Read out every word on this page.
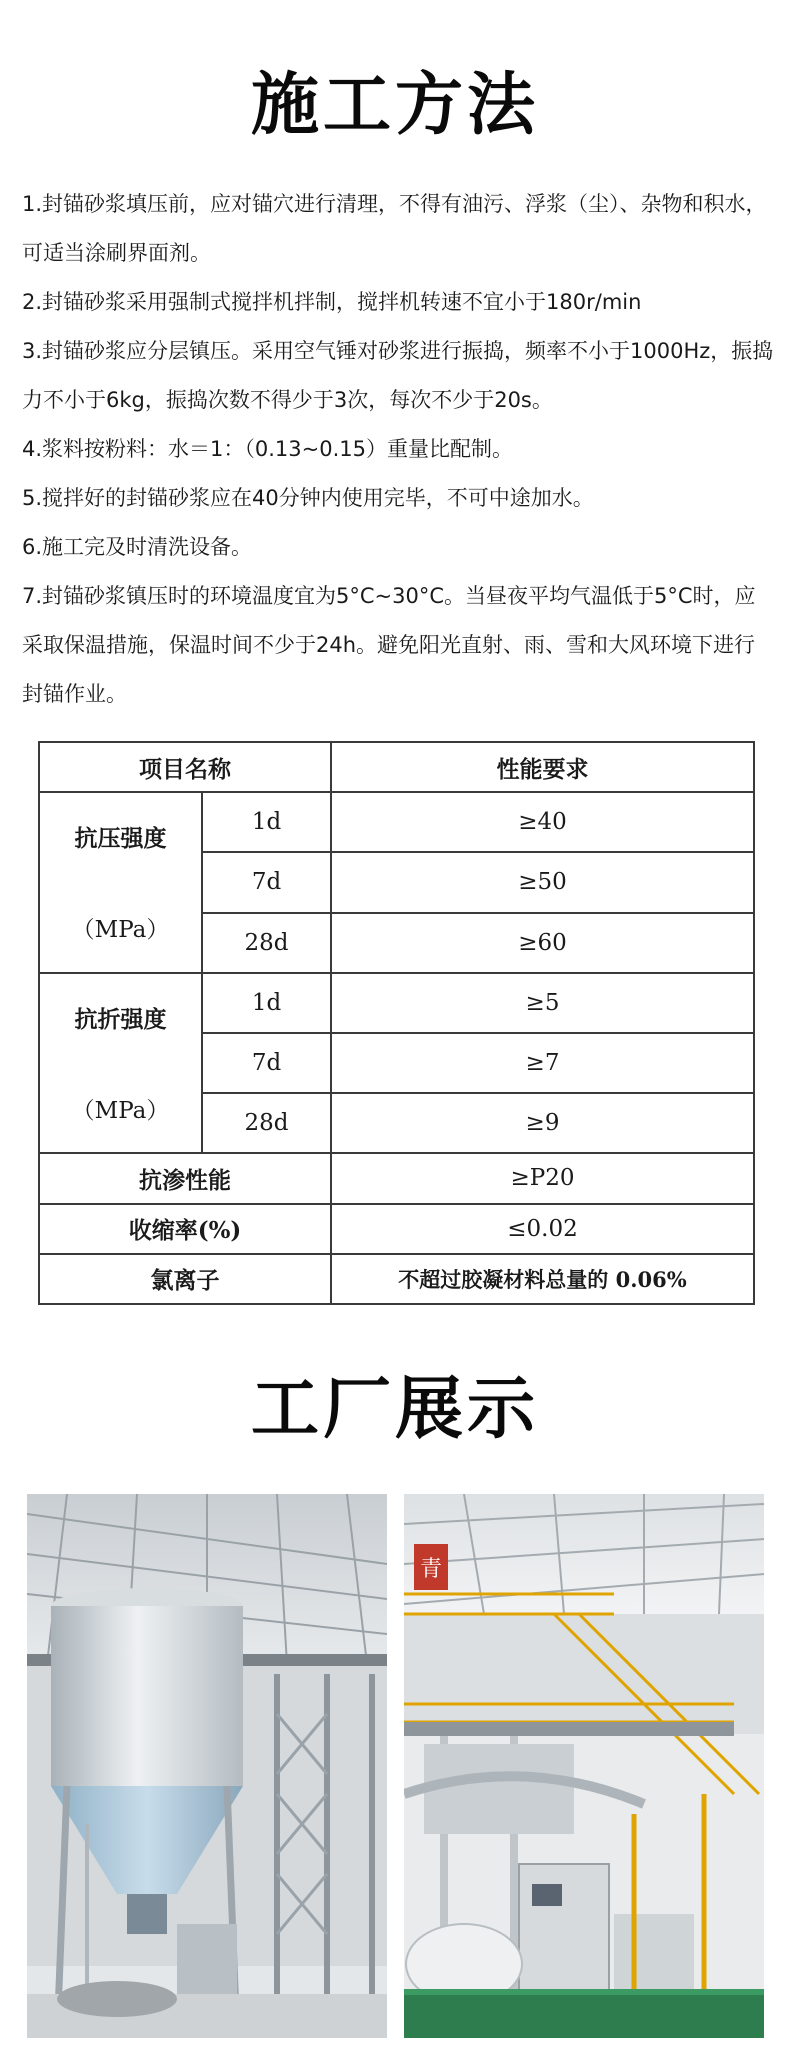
施工方法

1.封锚砂浆填压前，应对锚穴进行清理，不得有油污、浮浆（尘）、杂物和积水，可适当涂刷界面剂。

2.封锚砂浆采用强制式搅拌机拌制，搅拌机转速不宜小于180r/min

3.封锚砂浆应分层镇压。采用空气锤对砂浆进行振捣，频率不小于1000Hz，振捣力不小于6kg，振捣次数不得少于3次，每次不少于20s。

4.浆料按粉料：水＝1：（0.13~0.15）重量比配制。

5.搅拌好的封锚砂浆应在40分钟内使用完毕，不可中途加水。

6.施工完及时清洗设备。

7.封锚砂浆镇压时的环境温度宜为5°C~30°C。当昼夜平均气温低于5°C时，应采取保温措施，保温时间不少于24h。避免阳光直射、雨、雪和大风环境下进行封锚作业。

项目名称		性能要求

抗压强度
（MPa）	1d	≥40
	7d	≥50
	28d	≥60

抗折强度
（MPa）	1d	≥5
	7d	≥7
	28d	≥9
抗渗性能		≥P20
收缩率(%)		≤0.02
氯离子		不超过胶凝材料总量的 0.06%
工厂展示
青
